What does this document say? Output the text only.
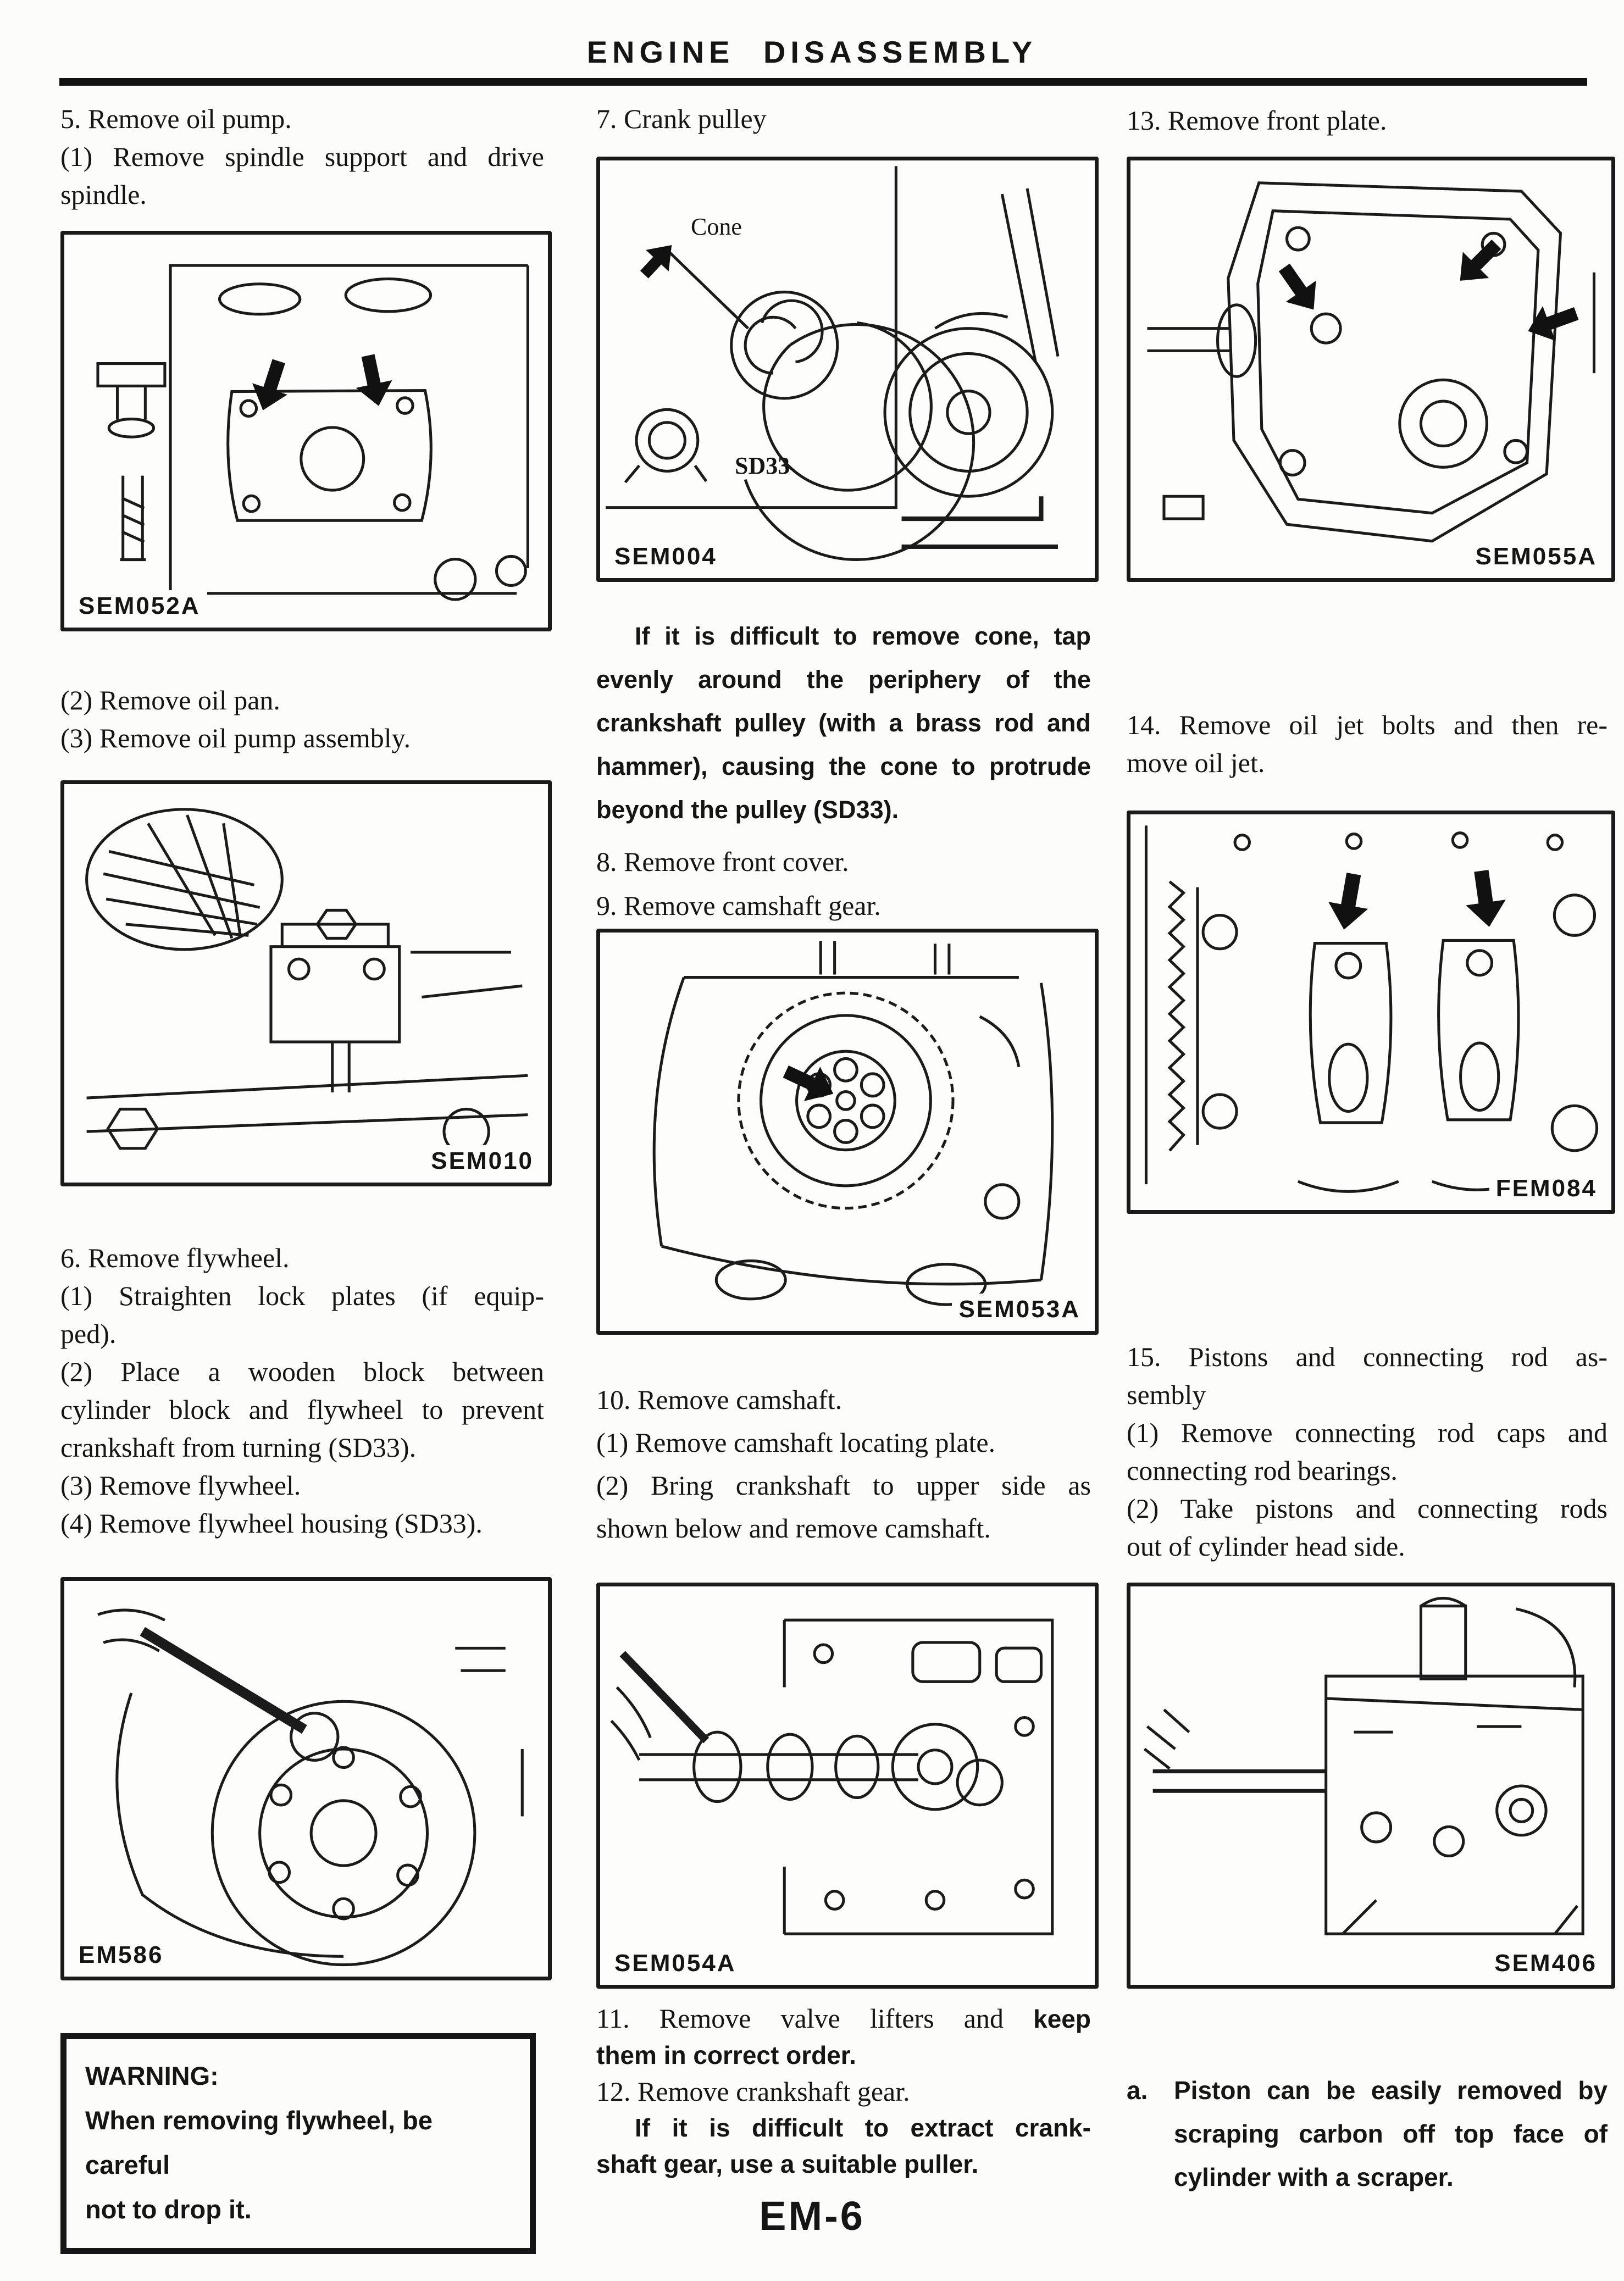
ENGINE DISASSEMBLY
5. Remove oil pump.
(1) Remove spindle support and drive
spindle.
SEM052A
(2) Remove oil pan.
(3) Remove oil pump assembly.
SEM010
6. Remove flywheel.
(1) Straighten lock plates (if equip-
ped).
(2) Place a wooden block between
cylinder block and flywheel to prevent
crankshaft from turning (SD33).
(3) Remove flywheel.
(4) Remove flywheel housing (SD33).
EM586
WARNING:
When removing flywheel, be careful
not to drop it.
7. Crank pulley
Cone
SD33
SEM004
If it is difficult to remove cone, tap
evenly around the periphery of the
crankshaft pulley (with a brass rod and
hammer), causing the cone to protrude
beyond the pulley (SD33).
8. Remove front cover.
9. Remove camshaft gear.
SEM053A
10. Remove camshaft.
(1) Remove camshaft locating plate.
(2) Bring crankshaft to upper side as
shown below and remove camshaft.
SEM054A
11. Remove valve lifters and keep
them in correct order.
12. Remove crankshaft gear.
If it is difficult to extract crank-
shaft gear, use a suitable puller.
13. Remove front plate.
SEM055A
14. Remove oil jet bolts and then re-
move oil jet.
FEM084
15. Pistons and connecting rod as-
sembly
(1) Remove connecting rod caps and
connecting rod bearings.
(2) Take pistons and connecting rods
out of cylinder head side.
SEM406
a.	Piston can be easily removed by
scraping carbon off top face of
cylinder with a scraper.
EM-6
